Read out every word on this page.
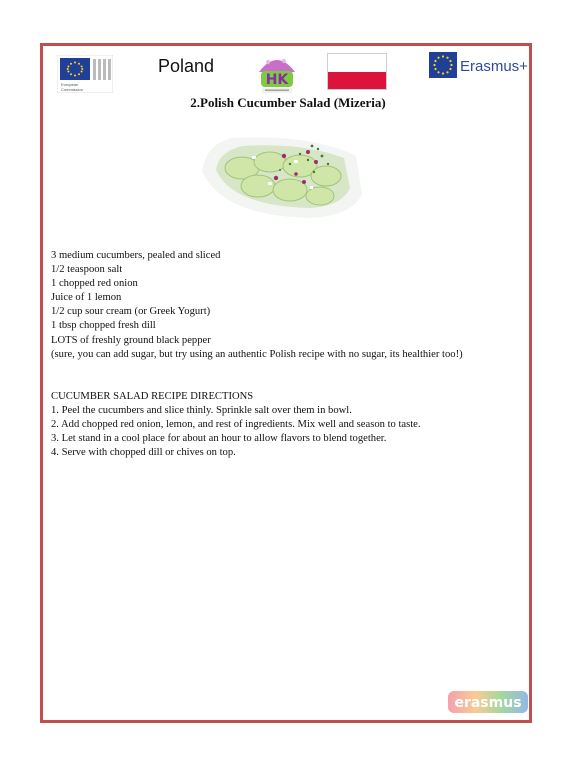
European
Commission
Poland
HK
Erasmus+
2.Polish Cucumber Salad (Mizeria)
3 medium cucumbers, pealed and sliced
1/2 teaspoon salt
1 chopped red onion
Juice of 1 lemon
1/2 cup sour cream (or Greek Yogurt)
1 tbsp chopped fresh dill
LOTS of freshly ground black pepper
(sure, you can add sugar, but try using an authentic Polish recipe with no sugar, its healthier too!)
CUCUMBER SALAD RECIPE DIRECTIONS
1. Peel the cucumbers and slice thinly. Sprinkle salt over them in bowl.
2. Add chopped red onion, lemon, and rest of ingredients. Mix well and season to taste.
3. Let stand in a cool place for about an hour to allow flavors to blend together.
4. Serve with chopped dill or chives on top.
erasmus
